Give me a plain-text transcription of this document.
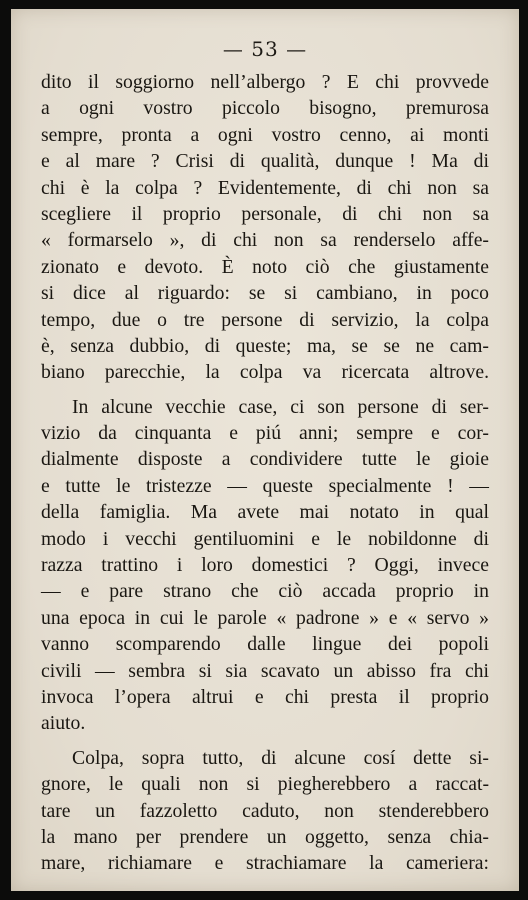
— 53 —
dito il soggiorno nell’albergo ? E chi provvede
a ogni vostro piccolo bisogno, premurosa
sempre, pronta a ogni vostro cenno, ai monti
e al mare ? Crisi di qualità, dunque ! Ma di
chi è la colpa ? Evidentemente, di chi non sa
scegliere il proprio personale, di chi non sa
« formarselo », di chi non sa renderselo affe-
zionato e devoto. È noto ciò che giustamente
si dice al riguardo: se si cambiano, in poco
tempo, due o tre persone di servizio, la colpa
è, senza dubbio, di queste; ma, se se ne cam-
biano parecchie, la colpa va ricercata altrove.
In alcune vecchie case, ci son persone di ser-
vizio da cinquanta e piú anni; sempre e cor-
dialmente disposte a condividere tutte le gioie
e tutte le tristezze — queste specialmente ! —
della famiglia. Ma avete mai notato in qual
modo i vecchi gentiluomini e le nobildonne di
razza trattino i loro domestici ? Oggi, invece
— e pare strano che ciò accada proprio in
una epoca in cui le parole « padrone » e « servo »
vanno scomparendo dalle lingue dei popoli
civili — sembra si sia scavato un abisso fra chi
invoca l’opera altrui e chi presta il proprio
aiuto.
Colpa, sopra tutto, di alcune cosí dette si-
gnore, le quali non si piegherebbero a raccat-
tare un fazzoletto caduto, non stenderebbero
la mano per prendere un oggetto, senza chia-
mare, richiamare e strachiamare la cameriera:
